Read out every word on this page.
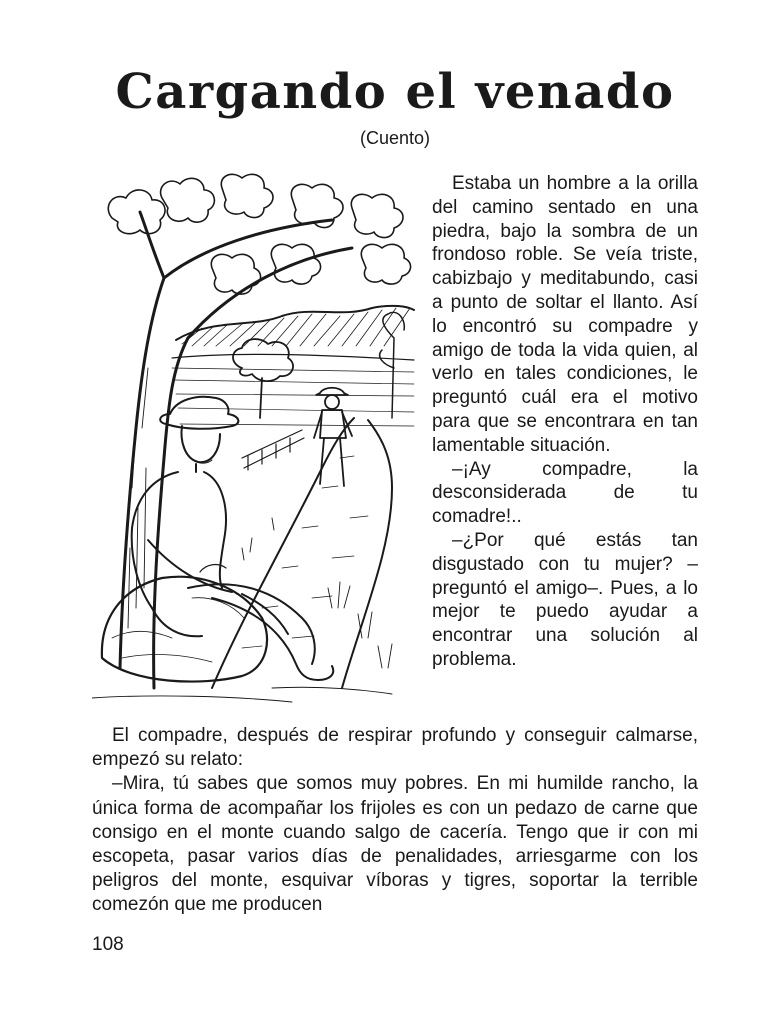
Cargando el venado
(Cuento)

Estaba un hombre a la orilla del camino sentado en una piedra, bajo la sombra de un frondoso roble. Se veía triste, cabizbajo y meditabundo, casi a punto de soltar el llanto. Así lo encontró su compadre y amigo de toda la vida quien, al verlo en tales condiciones, le preguntó cuál era el motivo para que se encontrara en tan lamentable situación.

–¡Ay compadre, la desconsiderada de tu comadre!..

–¿Por qué estás tan disgustado con tu mujer? –preguntó el amigo–. Pues, a lo mejor te puedo ayudar a encontrar una solución al problema.

El compadre, después de respirar profundo y conseguir calmarse, empezó su relato:

–Mira, tú sabes que somos muy pobres. En mi humilde rancho, la única forma de acompañar los frijoles es con un pedazo de carne que consigo en el monte cuando salgo de cacería. Tengo que ir con mi escopeta, pasar varios días de penalidades, arriesgarme con los peligros del monte, esquivar víboras y tigres, soportar la terrible comezón que me producen

108
